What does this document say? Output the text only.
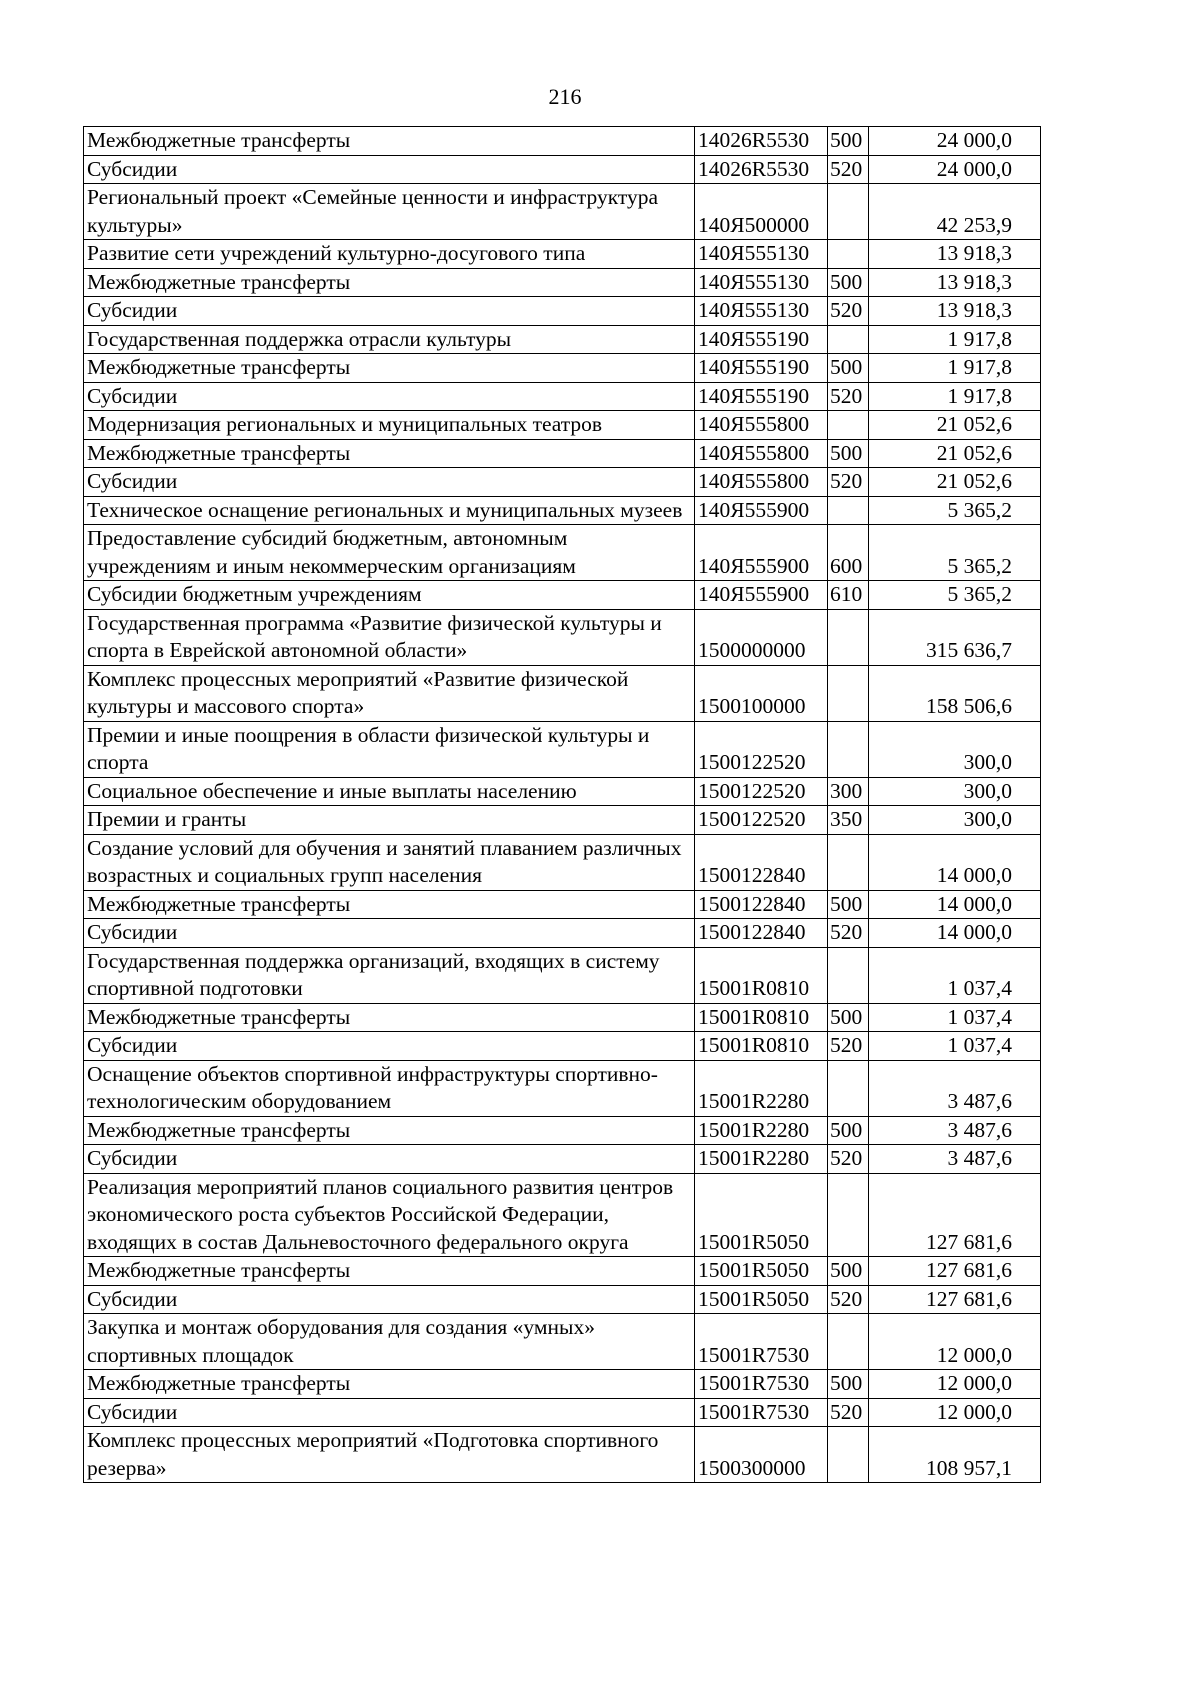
216
Межбюджетные трансферты	14026R5530	500	24 000,0
Субсидии	14026R5530	520	24 000,0
Региональный проект «Семейные ценности и инфраструктура культуры»	140Я500000		42 253,9
Развитие сети учреждений культурно-досугового типа	140Я555130		13 918,3
Межбюджетные трансферты	140Я555130	500	13 918,3
Субсидии	140Я555130	520	13 918,3
Государственная поддержка отрасли культуры	140Я555190		1 917,8
Межбюджетные трансферты	140Я555190	500	1 917,8
Субсидии	140Я555190	520	1 917,8
Модернизация региональных и муниципальных театров	140Я555800		21 052,6
Межбюджетные трансферты	140Я555800	500	21 052,6
Субсидии	140Я555800	520	21 052,6
Техническое оснащение региональных и муниципальных музеев	140Я555900		5 365,2
Предоставление субсидий бюджетным, автономным учреждениям и иным некоммерческим организациям	140Я555900	600	5 365,2
Субсидии бюджетным учреждениям	140Я555900	610	5 365,2
Государственная программа «Развитие физической культуры и спорта в Еврейской автономной области»	1500000000		315 636,7
Комплекс процессных мероприятий «Развитие физической культуры и массового спорта»	1500100000		158 506,6
Премии и иные поощрения в области физической культуры и спорта	1500122520		300,0
Социальное обеспечение и иные выплаты населению	1500122520	300	300,0
Премии и гранты	1500122520	350	300,0
Создание условий для обучения и занятий плаванием различных возрастных и социальных групп населения	1500122840		14 000,0
Межбюджетные трансферты	1500122840	500	14 000,0
Субсидии	1500122840	520	14 000,0
Государственная поддержка организаций, входящих в систему спортивной подготовки	15001R0810		1 037,4
Межбюджетные трансферты	15001R0810	500	1 037,4
Субсидии	15001R0810	520	1 037,4
Оснащение объектов спортивной инфраструктуры спортивно-технологическим оборудованием	15001R2280		3 487,6
Межбюджетные трансферты	15001R2280	500	3 487,6
Субсидии	15001R2280	520	3 487,6
Реализация мероприятий планов социального развития центров экономического роста субъектов Российской Федерации, входящих в состав Дальневосточного федерального округа	15001R5050		127 681,6
Межбюджетные трансферты	15001R5050	500	127 681,6
Субсидии	15001R5050	520	127 681,6
Закупка и монтаж оборудования для создания «умных» спортивных площадок	15001R7530		12 000,0
Межбюджетные трансферты	15001R7530	500	12 000,0
Субсидии	15001R7530	520	12 000,0
Комплекс процессных мероприятий «Подготовка спортивного резерва»	1500300000		108 957,1
